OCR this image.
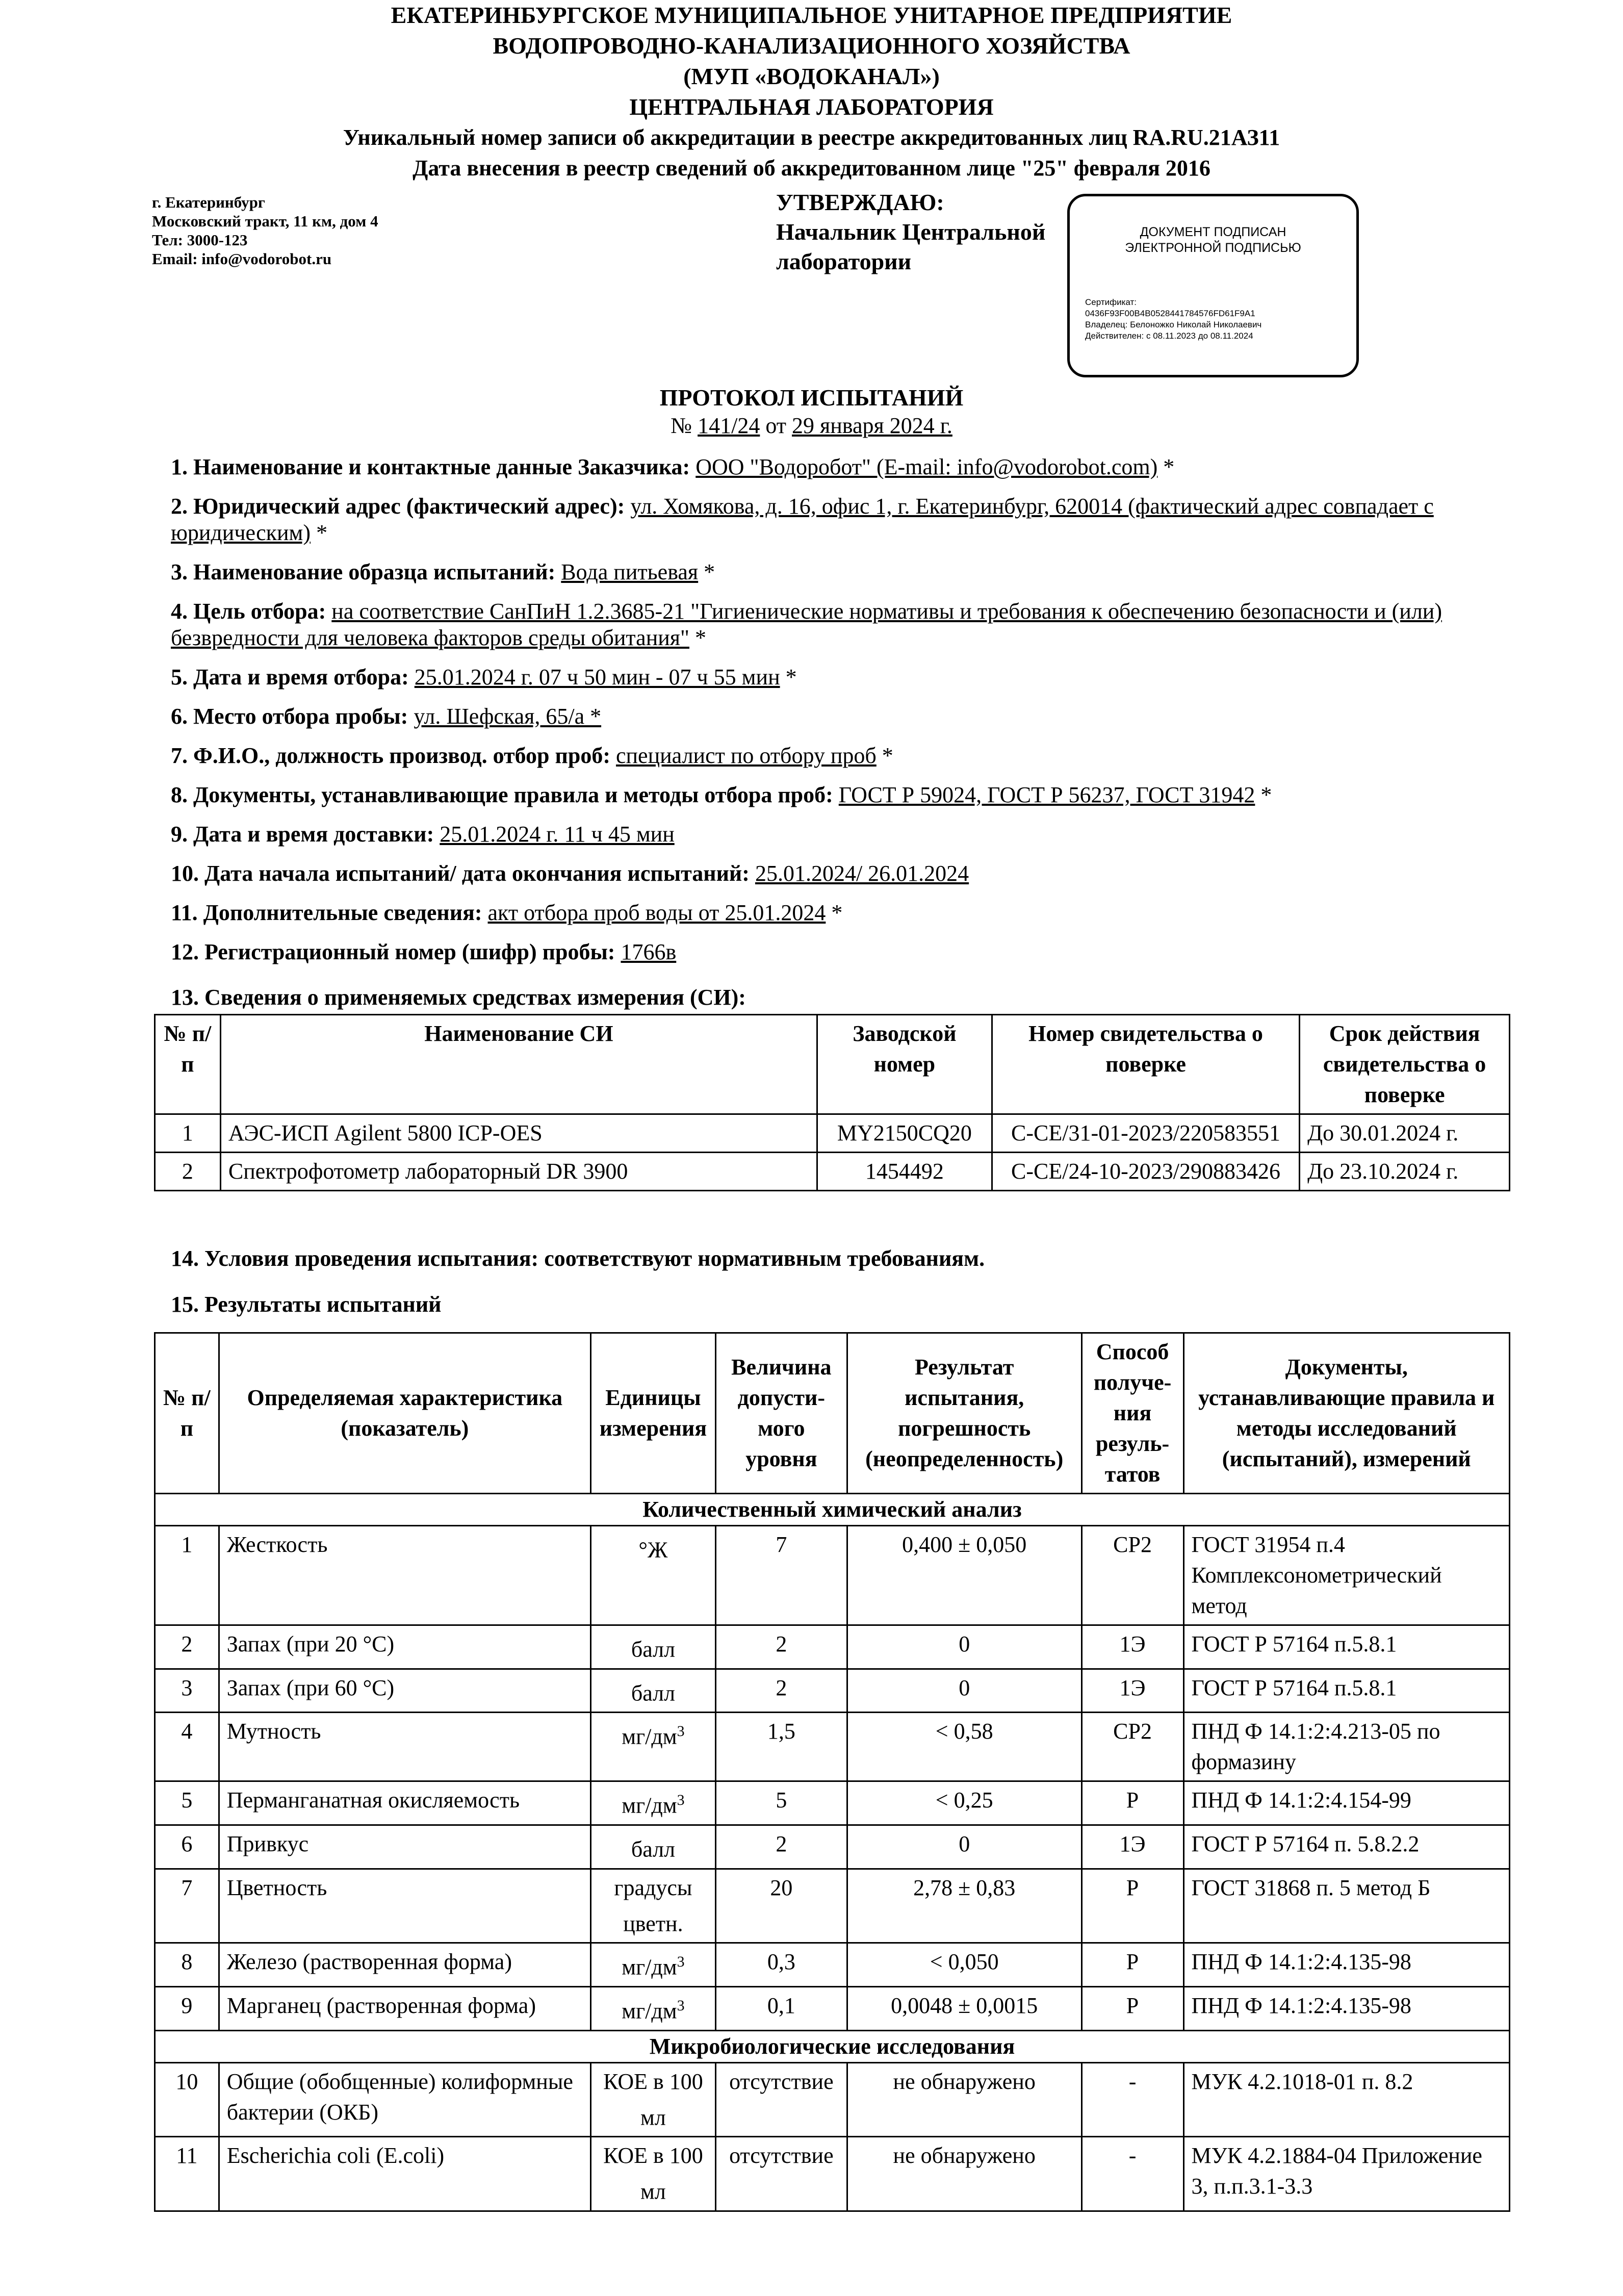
ЕКАТЕРИНБУРГСКОЕ МУНИЦИПАЛЬНОЕ УНИТАРНОЕ ПРЕДПРИЯТИЕ
ВОДОПРОВОДНО-КАНАЛИЗАЦИОННОГО ХОЗЯЙСТВА
(МУП «ВОДОКАНАЛ»)
ЦЕНТРАЛЬНАЯ ЛАБОРАТОРИЯ
Уникальный номер записи об аккредитации в реестре аккредитованных лиц RA.RU.21АЗ11
Дата внесения в реестр сведений об аккредитованном лице "25" февраля 2016
г. Екатеринбург
Московский тракт, 11 км, дом 4
Тел: 3000-123
Email: info@vodorobot.ru
УТВЕРЖДАЮ:
Начальник Центральной
лаборатории
ДОКУМЕНТ ПОДПИСАН
ЭЛЕКТРОННОЙ ПОДПИСЬЮ
Сертификат:
0436F93F00B4B0528441784576FD61F9A1
Владелец: Белоножко Николай Николаевич
Действителен: с 08.11.2023 до 08.11.2024
ПРОТОКОЛ ИСПЫТАНИЙ
№ 141/24 от 29 января 2024 г.
1. Наименование и контактные данные Заказчика: ООО "Водоробот" (E-mail: info@vodorobot.com) *
2. Юридический адрес (фактический адрес): ул. Хомякова, д. 16, офис 1, г. Екатеринбург, 620014 (фактический адрес совпадает с юридическим) *
3. Наименование образца испытаний: Вода питьевая *
4. Цель отбора: на соответствие СанПиН 1.2.3685-21 "Гигиенические нормативы и требования к обеспечению безопасности и (или) безвредности для человека факторов среды обитания" *
5. Дата и время отбора: 25.01.2024 г. 07 ч 50 мин - 07 ч 55 мин *
6. Место отбора пробы: ул. Шефская, 65/а *
7. Ф.И.О., должность производ. отбор проб: специалист по отбору проб *
8. Документы, устанавливающие правила и методы отбора проб: ГОСТ Р 59024, ГОСТ Р 56237, ГОСТ 31942 *
9. Дата и время доставки: 25.01.2024 г. 11 ч 45 мин
10. Дата начала испытаний/ дата окончания испытаний: 25.01.2024/ 26.01.2024
11. Дополнительные сведения: акт отбора проб воды от 25.01.2024 *
12. Регистрационный номер (шифр) пробы: 1766в
13. Сведения о применяемых средствах измерения (СИ):
№ п/п	Наименование СИ	Заводской номер	Номер свидетельства о поверке	Срок действия свидетельства о поверке
1	АЭС-ИСП Agilent 5800 ICP-OES	MY2150CQ20	С-СЕ/31-01-2023/220583551	До 30.01.2024 г.
2	Спектрофотометр лабораторный DR 3900	1454492	С-СЕ/24-10-2023/290883426	До 23.10.2024 г.
14. Условия проведения испытания: соответствуют нормативным требованиям.
15. Результаты испытаний
№ п/п	Определяемая характеристика (показатель)	Единицы измерения	Величина допусти-мого уровня	Результат испытания, погрешность (неопределенность)	Способ получе-ния резуль-татов	Документы, устанавливающие правила и методы исследований (испытаний), измерений
Количественный химический анализ						
1	Жесткость	°Ж	7	0,400 ± 0,050	СР2	ГОСТ 31954 п.4 Комплексонометрический метод
2	Запах (при 20 °С)	балл	2	0	1Э	ГОСТ Р 57164 п.5.8.1
3	Запах (при 60 °С)	балл	2	0	1Э	ГОСТ Р 57164 п.5.8.1
4	Мутность	$мг/дм^3$	1,5	< 0,58	СР2	ПНД Ф 14.1:2:4.213-05 по формазину
5	Перманганатная окисляемость	$мг/дм^3$	5	< 0,25	Р	ПНД Ф 14.1:2:4.154-99
6	Привкус	балл	2	0	1Э	ГОСТ Р 57164 п. 5.8.2.2
7	Цветность	градусы цветн.	20	2,78 ± 0,83	Р	ГОСТ 31868 п. 5 метод Б
8	Железо (растворенная форма)	$мг/дм^3$	0,3	< 0,050	Р	ПНД Ф 14.1:2:4.135-98
9	Марганец (растворенная форма)	$мг/дм^3$	0,1	0,0048 ± 0,0015	Р	ПНД Ф 14.1:2:4.135-98
Микробиологические исследования						
10	Общие (обобщенные) колиформные бактерии (ОКБ)	КОЕ в 100 мл	отсутствие	не обнаружено	-	МУК 4.2.1018-01 п. 8.2
11	Escherichia coli (E.coli)	КОЕ в 100 мл	отсутствие	не обнаружено	-	МУК 4.2.1884-04 Приложение 3, п.п.3.1-3.3
